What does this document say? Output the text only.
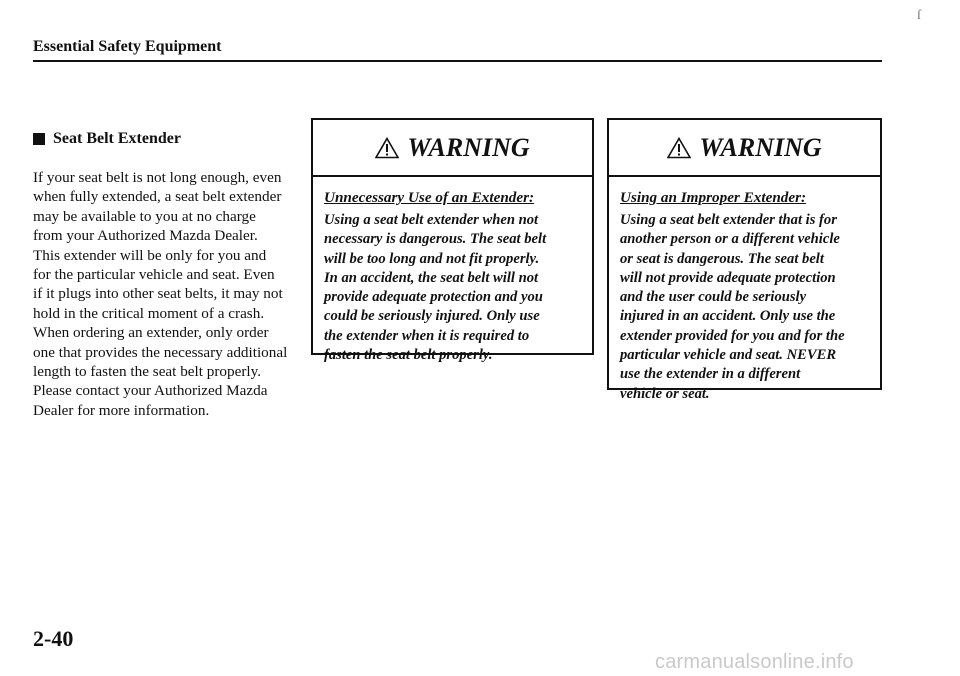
Essential Safety Equipment
ſ
Seat Belt Extender
If your seat belt is not long enough, even
when fully extended, a seat belt extender
may be available to you at no charge
from your Authorized Mazda Dealer.
This extender will be only for you and
for the particular vehicle and seat. Even
if it plugs into other seat belts, it may not
hold in the critical moment of a crash.
When ordering an extender, only order
one that provides the necessary additional
length to fasten the seat belt properly.
Please contact your Authorized Mazda
Dealer for more information.
WARNING
Unnecessary Use of an Extender:
Using a seat belt extender when not
necessary is dangerous. The seat belt
will be too long and not fit properly.
In an accident, the seat belt will not
provide adequate protection and you
could be seriously injured. Only use
the extender when it is required to
fasten the seat belt properly.
WARNING
Using an Improper Extender:
Using a seat belt extender that is for
another person or a different vehicle
or seat is dangerous. The seat belt
will not provide adequate protection
and the user could be seriously
injured in an accident. Only use the
extender provided for you and for the
particular vehicle and seat. NEVER
use the extender in a different
vehicle or seat.
2-40
carmanualsonline.info
